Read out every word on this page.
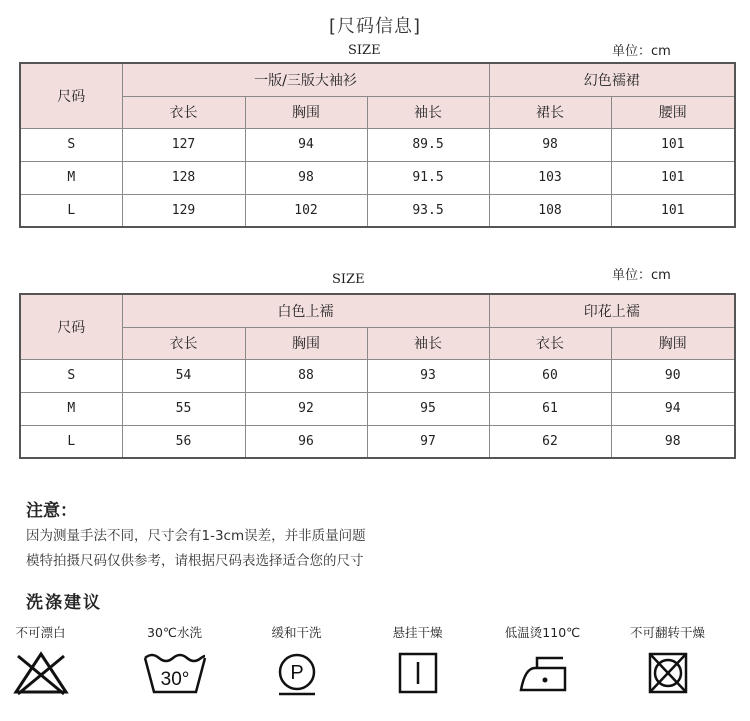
[尺码信息]
SIZE	单位：cm
尺码	一版/三版大袖衫			幻色襦裙	
	衣长	胸围	袖长	裙长	腰围
S	127	94	89.5	98	101
M	128	98	91.5	103	101
L	129	102	93.5	108	101
SIZE	单位：cm
尺码	白色上襦			印花上襦	
	衣长	胸围	袖长	衣长	胸围
S	54	88	93	60	90
M	55	92	95	61	94
L	56	96	97	62	98
注意：
因为测量手法不同，尺寸会有1-3cm误差，并非质量问题
模特拍摄尺码仅供参考，请根据尺码表选择适合您的尺寸
洗涤建议
不可漂白	30℃水洗
30°
缓和干洗
P
悬挂干燥	低温烫110℃	不可翻转干燥
